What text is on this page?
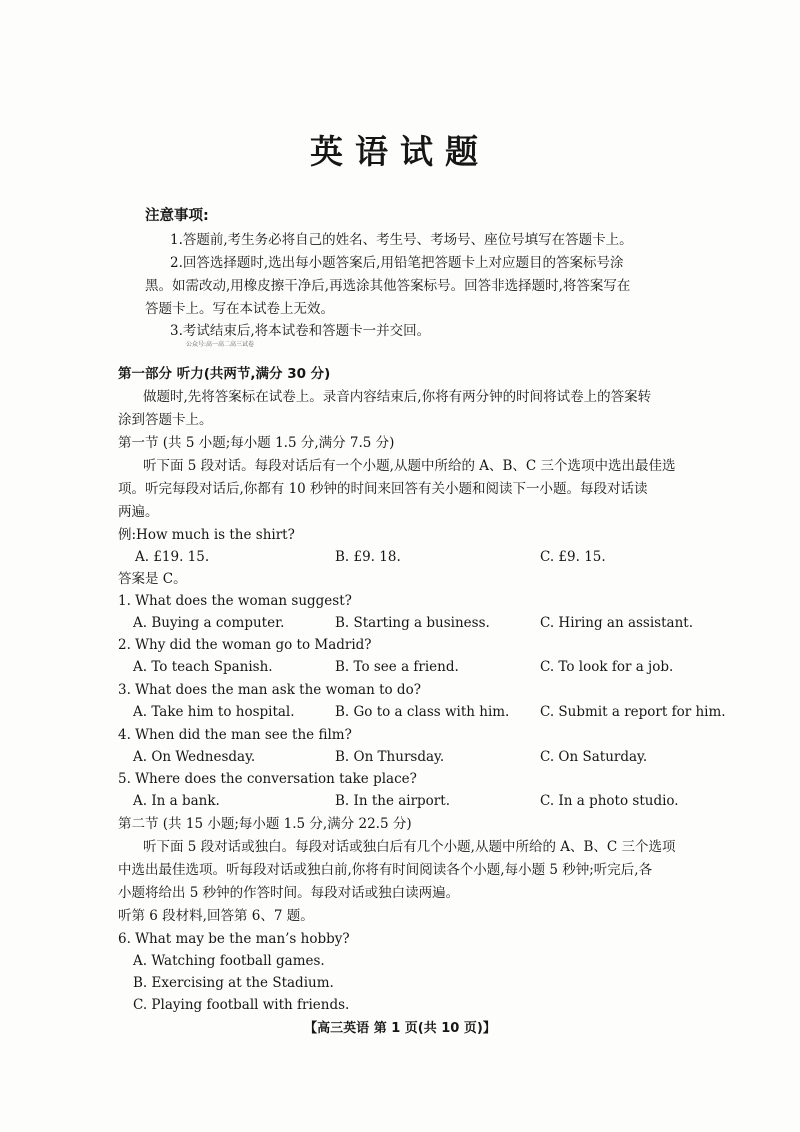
英语试题
注意事项:
1.答题前,考生务必将自己的姓名、考生号、考场号、座位号填写在答题卡上。
2.回答选择题时,选出每小题答案后,用铅笔把答题卡上对应题目的答案标号涂
黑。如需改动,用橡皮擦干净后,再选涂其他答案标号。回答非选择题时,将答案写在
答题卡上。写在本试卷上无效。
3.考试结束后,将本试卷和答题卡一并交回。
公众号:高一高二高三试卷
第一部分 听力(共两节,满分 30 分)
做题时,先将答案标在试卷上。录音内容结束后,你将有两分钟的时间将试卷上的答案转
涂到答题卡上。
第一节 (共 5 小题;每小题 1.5 分,满分 7.5 分)
听下面 5 段对话。每段对话后有一个小题,从题中所给的 A、B、C 三个选项中选出最佳选
项。听完每段对话后,你都有 10 秒钟的时间来回答有关小题和阅读下一小题。每段对话读
两遍。
例:How much is the shirt?
A. £19. 15.	B. £9. 18.	C. £9. 15.
答案是 C。
1. What does the woman suggest?
A. Buying a computer.	B. Starting a business.	C. Hiring an assistant.
2. Why did the woman go to Madrid?
A. To teach Spanish.	B. To see a friend.	C. To look for a job.
3. What does the man ask the woman to do?
A. Take him to hospital.	B. Go to a class with him. C. Submit a report for him.
4. When did the man see the film?
A. On Wednesday.	B. On Thursday.	C. On Saturday.
5. Where does the conversation take place?
A. In a bank.	B. In the airport.	C. In a photo studio.
第二节 (共 15 小题;每小题 1.5 分,满分 22.5 分)
听下面 5 段对话或独白。每段对话或独白后有几个小题,从题中所给的 A、B、C 三个选项
中选出最佳选项。听每段对话或独白前,你将有时间阅读各个小题,每小题 5 秒钟;听完后,各
小题将给出 5 秒钟的作答时间。每段对话或独白读两遍。
听第 6 段材料,回答第 6、7 题。
6. What may be the man’s hobby?
A. Watching football games.
B. Exercising at the Stadium.
C. Playing football with friends.
【高三英语 第 1 页(共 10 页)】
